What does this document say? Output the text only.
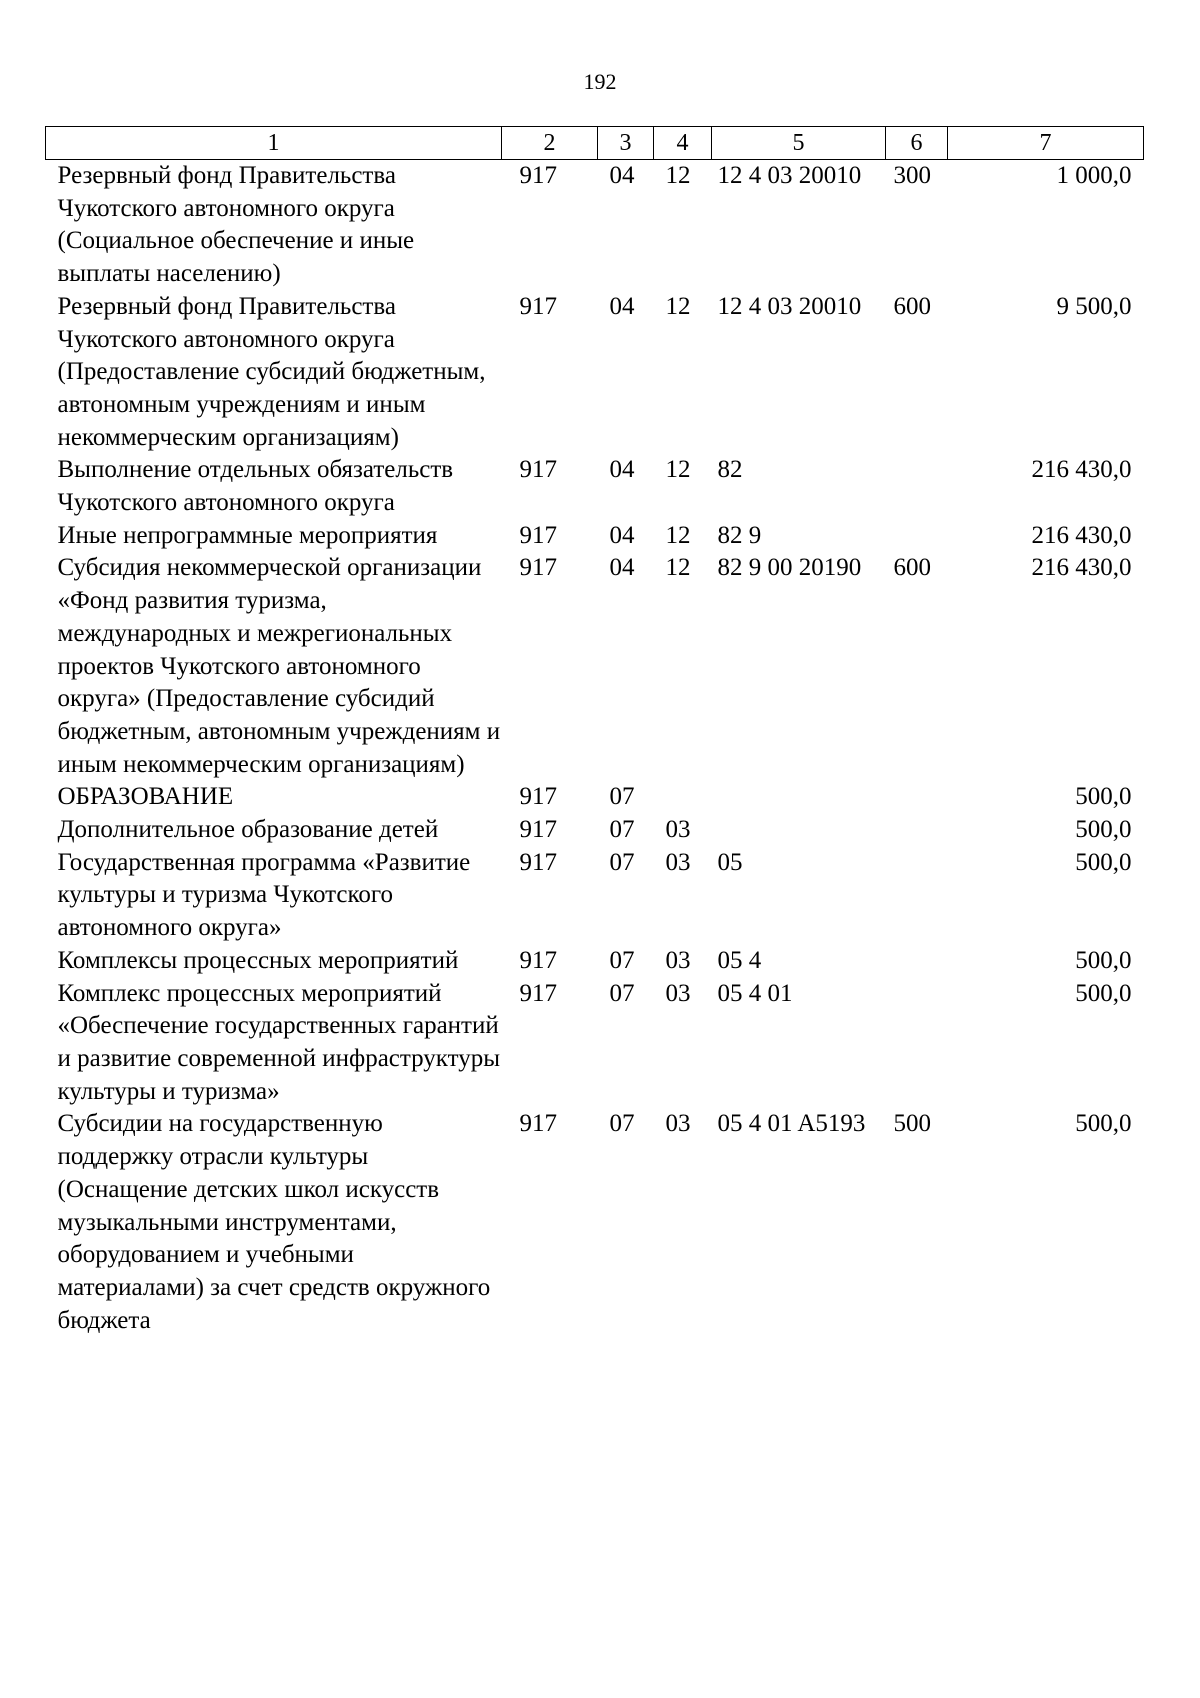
192
1	2	3	4	5	6	7
Резервный фонд Правительства Чукотского автономного округа (Социальное обеспечение и иные выплаты населению)	917	04	12	12 4 03 20010	300	1 000,0
Резервный фонд Правительства Чукотского автономного округа (Предоставление субсидий бюджетным, автономным учреждениям и иным некоммерческим организациям)	917	04	12	12 4 03 20010	600	9 500,0
Выполнение отдельных обязательств Чукотского автономного округа	917	04	12	82		216 430,0
Иные непрограммные мероприятия	917	04	12	82 9		216 430,0
Субсидия некоммерческой организации «Фонд развития туризма, международных и межрегиональных проектов Чукотского автономного округа» (Предоставление субсидий бюджетным, автономным учреждениям и иным некоммерческим организациям)	917	04	12	82 9 00 20190	600	216 430,0
ОБРАЗОВАНИЕ	917	07				500,0
Дополнительное образование детей	917	07	03			500,0
Государственная программа «Развитие культуры и туризма Чукотского автономного округа»	917	07	03	05		500,0
Комплексы процессных мероприятий	917	07	03	05 4		500,0
Комплекс процессных мероприятий «Обеспечение государственных гарантий и развитие современной инфраструктуры культуры и туризма»	917	07	03	05 4 01		500,0
Субсидии на государственную поддержку отрасли культуры (Оснащение детских школ искусств музыкальными инструментами, оборудованием и учебными материалами) за счет средств окружного бюджета	917	07	03	05 4 01 A5193	500	500,0
